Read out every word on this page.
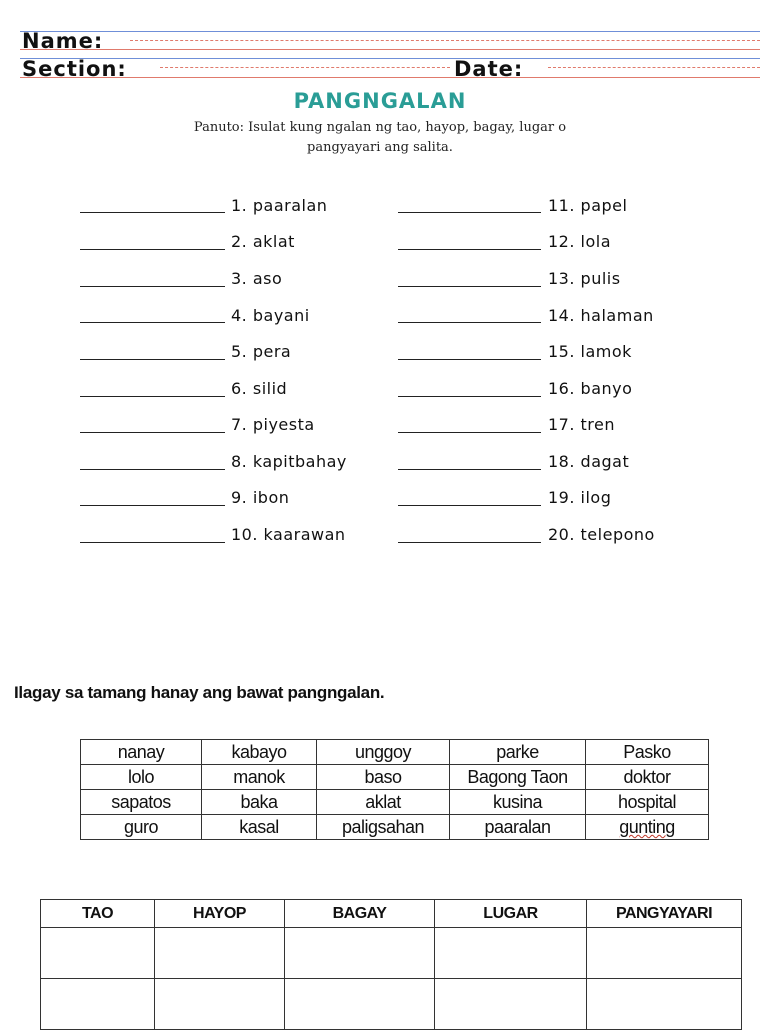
Name:
Section:	Date:
PANGNGALAN
Panuto: Isulat kung ngalan ng tao, hayop, bagay, lugar o
pangyayari ang salita.
1. paaralan
2. aklat
3. aso
4. bayani
5. pera
6. silid
7. piyesta
8. kapitbahay
9. ibon
10. kaarawan
11. papel
12. lola
13. pulis
14. halaman
15. lamok
16. banyo
17. tren
18. dagat
19. ilog
20. telepono
Ilagay sa tamang hanay ang bawat pangngalan.
nanay	kabayo	unggoy	parke	Pasko
lolo	manok	baso	Bagong Taon	doktor
sapatos	baka	aklat	kusina	hospital
guro	kasal	paligsahan	paaralan	gunting
TAO	HAYOP	BAGAY	LUGAR	PANGYAYARI
